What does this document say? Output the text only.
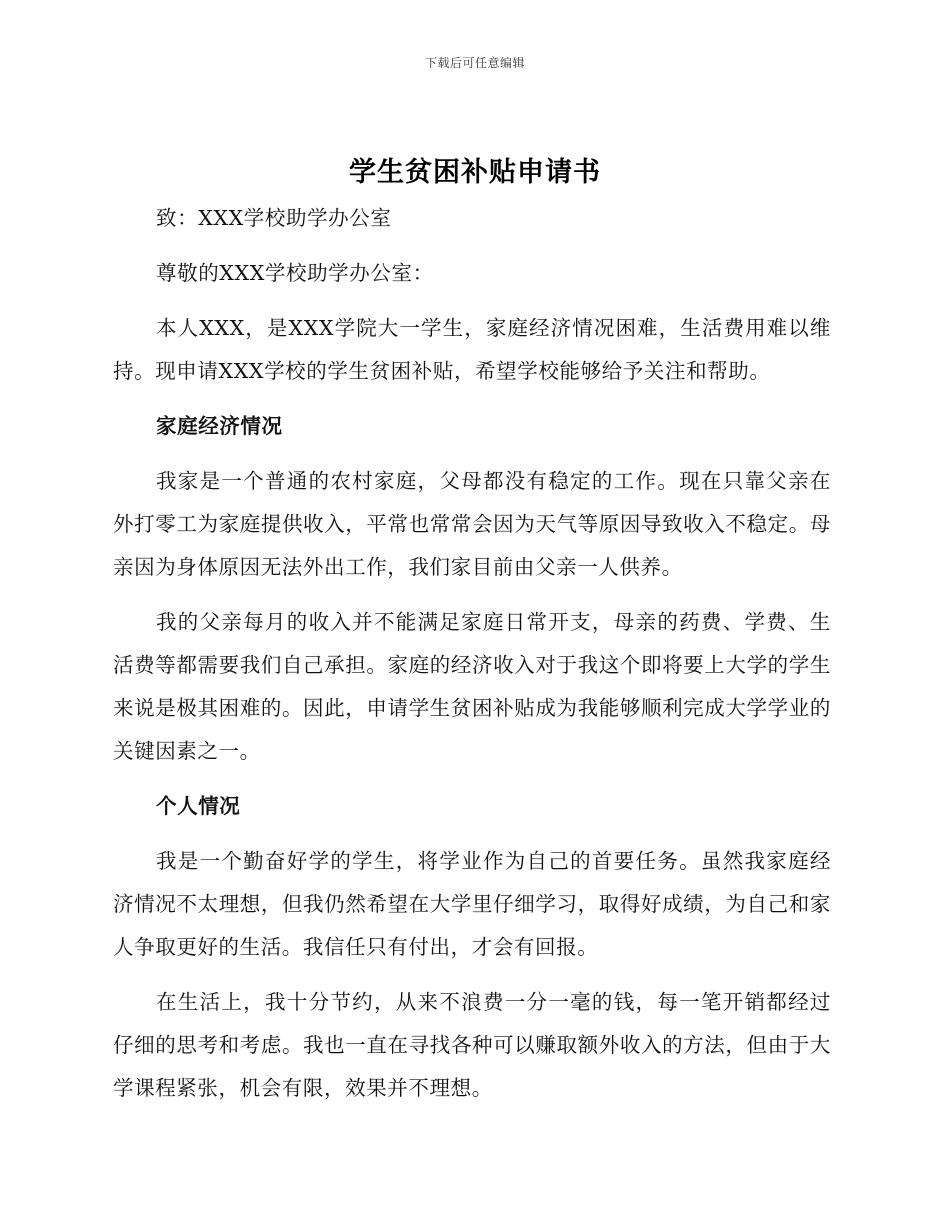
下载后可任意编辑
学生贫困补贴申请书

致：XXX学校助学办公室

尊敬的XXX学校助学办公室：

本人XXX，是XXX学院大一学生，家庭经济情况困难，生活费用难以维持。现申请XXX学校的学生贫困补贴，希望学校能够给予关注和帮助。

家庭经济情况

我家是一个普通的农村家庭，父母都没有稳定的工作。现在只靠父亲在外打零工为家庭提供收入，平常也常常会因为天气等原因导致收入不稳定。母亲因为身体原因无法外出工作，我们家目前由父亲一人供养。

我的父亲每月的收入并不能满足家庭日常开支，母亲的药费、学费、生活费等都需要我们自己承担。家庭的经济收入对于我这个即将要上大学的学生来说是极其困难的。因此，申请学生贫困补贴成为我能够顺利完成大学学业的关键因素之一。

个人情况

我是一个勤奋好学的学生，将学业作为自己的首要任务。虽然我家庭经济情况不太理想，但我仍然希望在大学里仔细学习，取得好成绩，为自己和家人争取更好的生活。我信任只有付出，才会有回报。

在生活上，我十分节约，从来不浪费一分一毫的钱，每一笔开销都经过仔细的思考和考虑。我也一直在寻找各种可以赚取额外收入的方法，但由于大学课程紧张，机会有限，效果并不理想。
